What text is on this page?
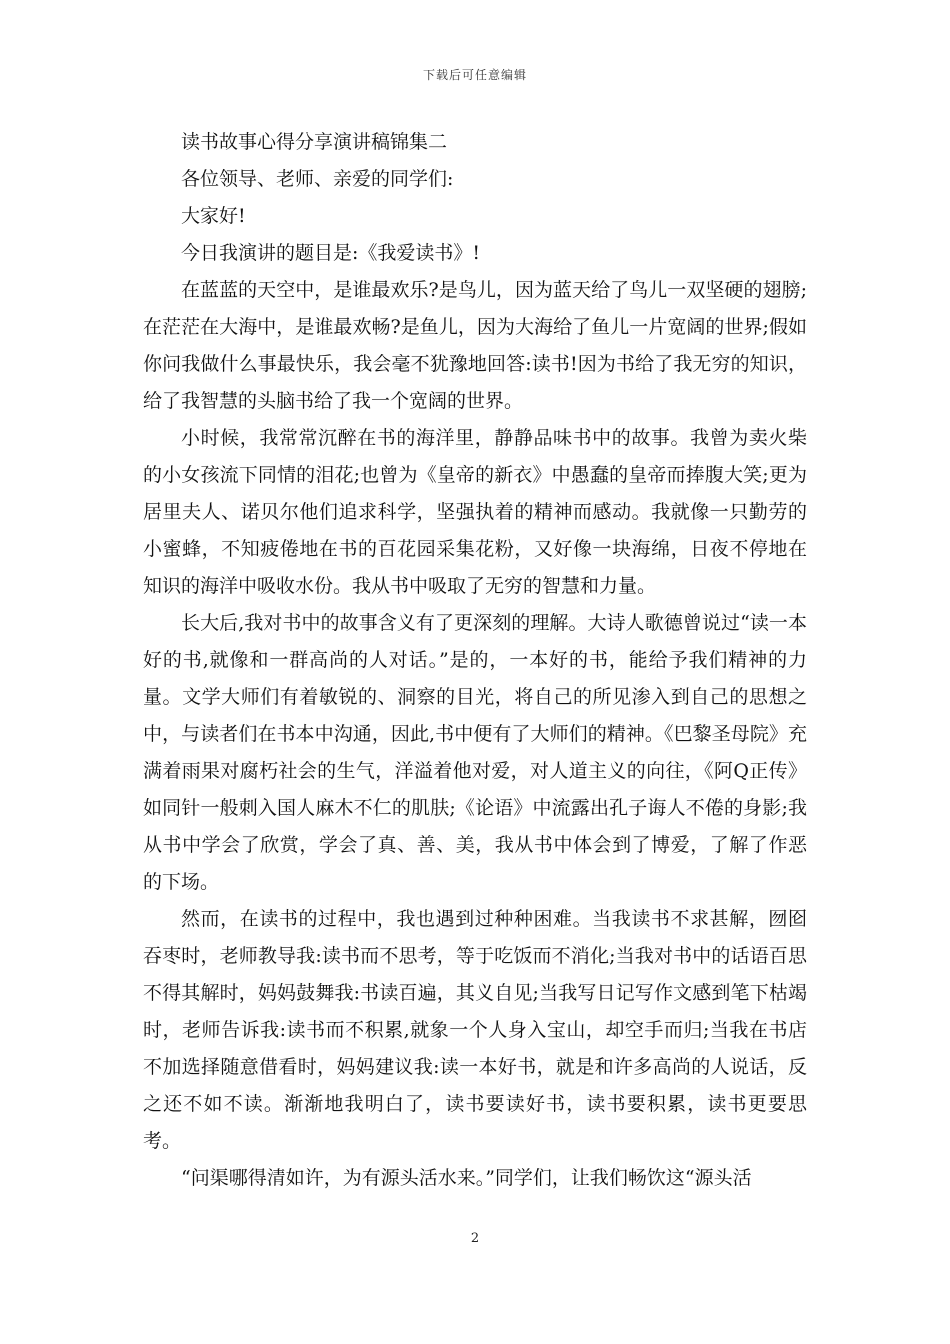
下载后可任意编辑

读书故事心得分享演讲稿锦集二

各位领导、老师、亲爱的同学们:

大家好!

今日我演讲的题目是:《我爱读书》!

在蓝蓝的天空中，是谁最欢乐?是鸟儿，因为蓝天给了鸟儿一双坚硬的翅膀;在茫茫在大海中，是谁最欢畅?是鱼儿，因为大海给了鱼儿一片宽阔的世界;假如你问我做什么事最快乐，我会毫不犹豫地回答:读书!因为书给了我无穷的知识，给了我智慧的头脑书给了我一个宽阔的世界。

小时候，我常常沉醉在书的海洋里，静静品味书中的故事。我曾为卖火柴的小女孩流下同情的泪花;也曾为《皇帝的新衣》中愚蠢的皇帝而捧腹大笑;更为居里夫人、诺贝尔他们追求科学，坚强执着的精神而感动。我就像一只勤劳的小蜜蜂，不知疲倦地在书的百花园采集花粉，又好像一块海绵，日夜不停地在知识的海洋中吸收水份。我从书中吸取了无穷的智慧和力量。

长大后,我对书中的故事含义有了更深刻的理解。大诗人歌德曾说过“读一本好的书,就像和一群高尚的人对话。”是的，一本好的书，能给予我们精神的力量。文学大师们有着敏锐的、洞察的目光，将自己的所见渗入到自己的思想之中，与读者们在书本中沟通，因此,书中便有了大师们的精神。《巴黎圣母院》充满着雨果对腐朽社会的生气，洋溢着他对爱，对人道主义的向往，《阿Q正传》如同针一般刺入国人麻木不仁的肌肤;《论语》中流露出孔子诲人不倦的身影;我从书中学会了欣赏，学会了真、善、美，我从书中体会到了博爱，了解了作恶的下场。

然而，在读书的过程中，我也遇到过种种困难。当我读书不求甚解，囫囵吞枣时，老师教导我:读书而不思考，等于吃饭而不消化;当我对书中的话语百思不得其解时，妈妈鼓舞我:书读百遍，其义自见;当我写日记写作文感到笔下枯竭时，老师告诉我:读书而不积累,就象一个人身入宝山，却空手而归;当我在书店不加选择随意借看时，妈妈建议我:读一本好书，就是和许多高尚的人说话，反之还不如不读。渐渐地我明白了，读书要读好书，读书要积累，读书更要思考。

“问渠哪得清如许，为有源头活水来。”同学们，让我们畅饮这“源头活

2
